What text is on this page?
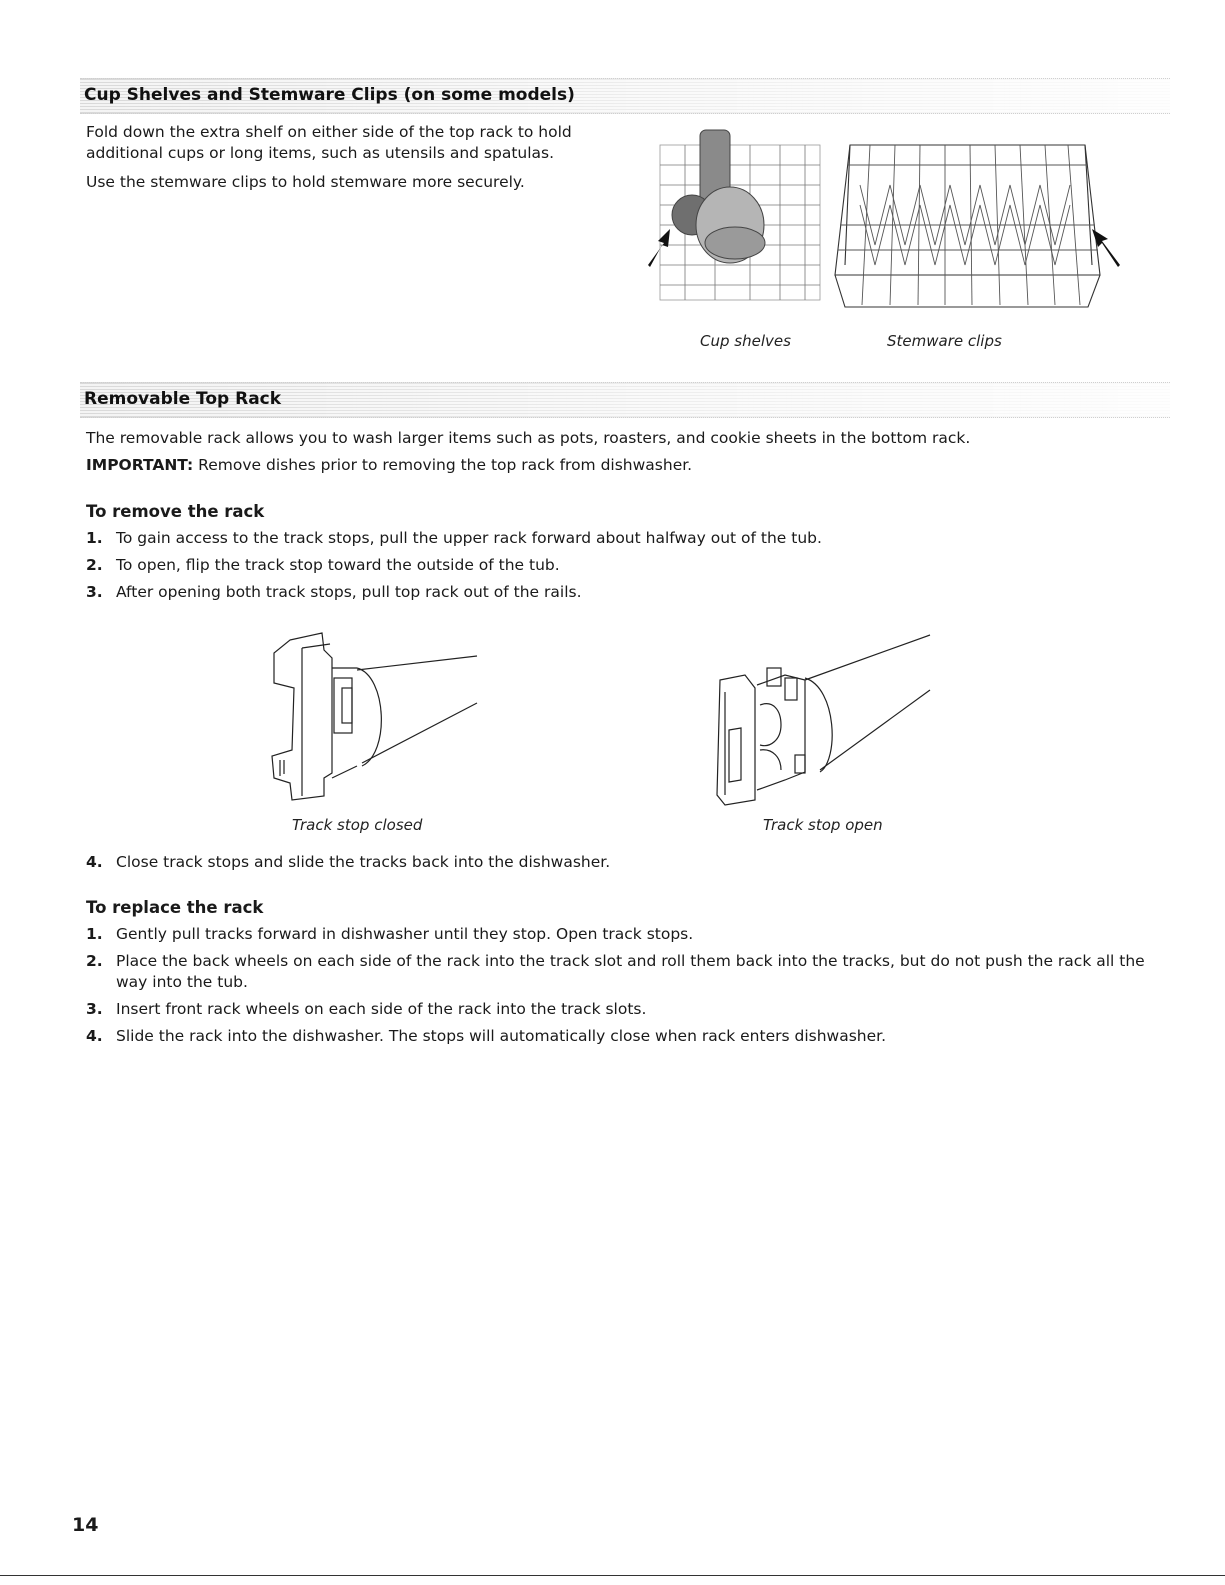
Cup Shelves and Stemware Clips (on some models)

Fold down the extra shelf on either side of the top rack to hold additional cups or long items, such as utensils and spatulas.

Use the stemware clips to hold stemware more securely.

Cup shelves	Stemware clips
Removable Top Rack

The removable rack allows you to wash larger items such as pots, roasters, and cookie sheets in the bottom rack.

IMPORTANT: Remove dishes prior to removing the top rack from dishwasher.

To remove the rack
1. To gain access to the track stops, pull the upper rack forward about halfway out of the tub.
2. To open, flip the track stop toward the outside of the tub.
3. After opening both track stops, pull top rack out of the rails.
Track stop closed	Track stop open
4. Close track stops and slide the tracks back into the dishwasher.
To replace the rack
1. Gently pull tracks forward in dishwasher until they stop. Open track stops.
2. Place the back wheels on each side of the rack into the track slot and roll them back into the tracks, but do not push the rack all the way into the tub.
3. Insert front rack wheels on each side of the rack into the track slots.
4. Slide the rack into the dishwasher. The stops will automatically close when rack enters dishwasher.
14
